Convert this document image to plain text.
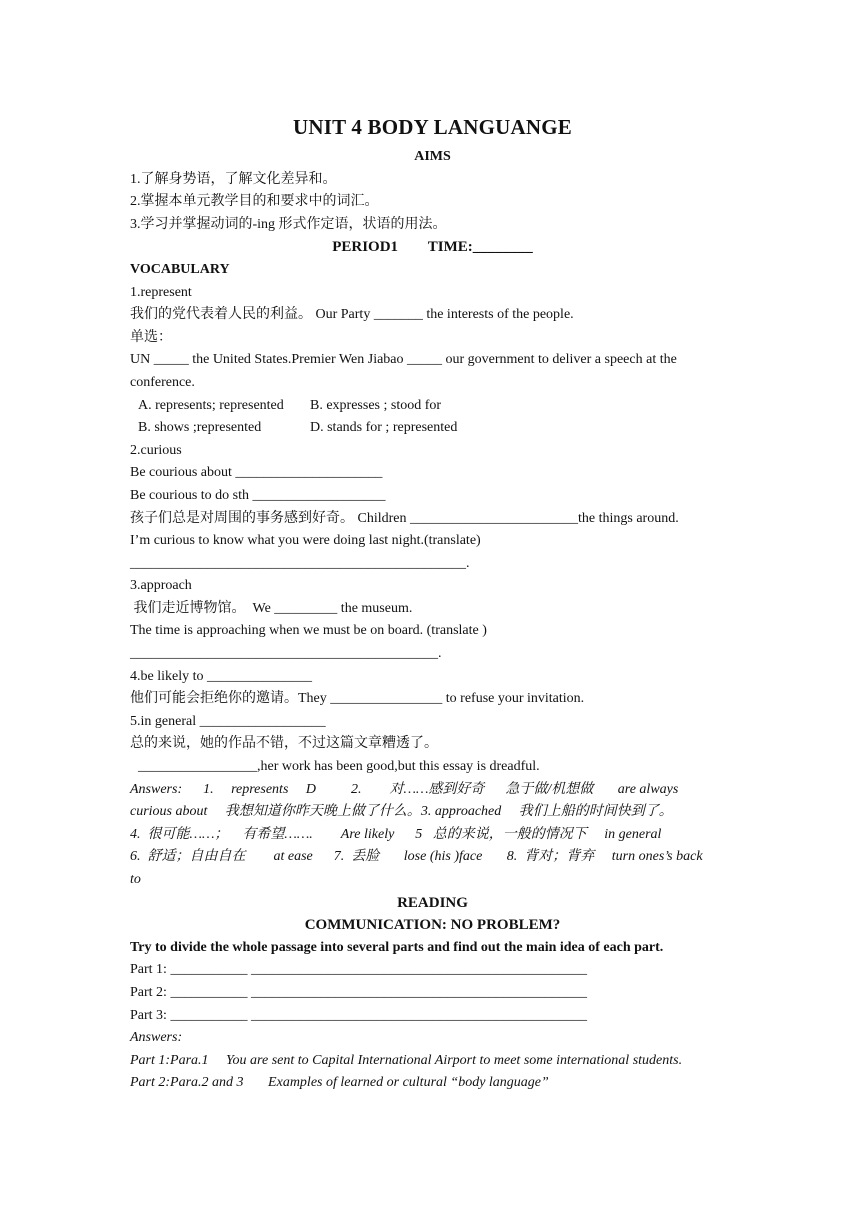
UNIT 4 BODY LANGUANGE
AIMS
1.了解身势语，了解文化差异和。
2.掌握本单元教学目的和要求中的词汇。
3.学习并掌握动词的-ing 形式作定语，状语的用法。
PERIOD1        TIME:________
VOCABULARY
1.represent
我们的党代表着人民的利益。 Our Party _______ the interests of the people.
单选：
UN _____ the United States.Premier Wen Jiabao _____ our government to deliver a speech at the conference.
A. represents; represented B. expresses ; stood for
B. shows ;represented	D. stands for ; represented
2.curious
Be courious about _____________________
Be courious to do sth ___________________
孩子们总是对周围的事务感到好奇。 Children ________________________the things around.
I’m curious to know what you were doing last night.(translate)
________________________________________________.
3.approach
我们走近博物馆。  We _________ the museum.
The time is approaching when we must be on board. (translate )
____________________________________________.
4.be likely to _______________
他们可能会拒绝你的邀请。They ________________ to refuse your invitation.
5.in general __________________
总的来说，她的作品不错，不过这篇文章糟透了。
_________________,her work has been good,but this essay is dreadful.
Answers:      1.     represents     D          2.        对……感到好奇      急于做/机想做       are always
curious about     我想知道你昨天晚上做了什么。3. approached     我们上船的时间快到了。
4.  很可能……；    有希望…….        Are likely      5   总的来说，一般的情况下     in general
6.  舒适；自由自在        at ease      7.  丢脸       lose (his )face       8.  背对；背弃     turn ones’s back
to
READING
COMMUNICATION: NO PROBLEM?
Try to divide the whole passage into several parts and find out the main idea of each part.
Part 1: ___________ ________________________________________________
Part 2: ___________ ________________________________________________
Part 3: ___________ ________________________________________________
Answers:
Part 1:Para.1     You are sent to Capital International Airport to meet some international students.
Part 2:Para.2 and 3       Examples of learned or cultural “body language”
